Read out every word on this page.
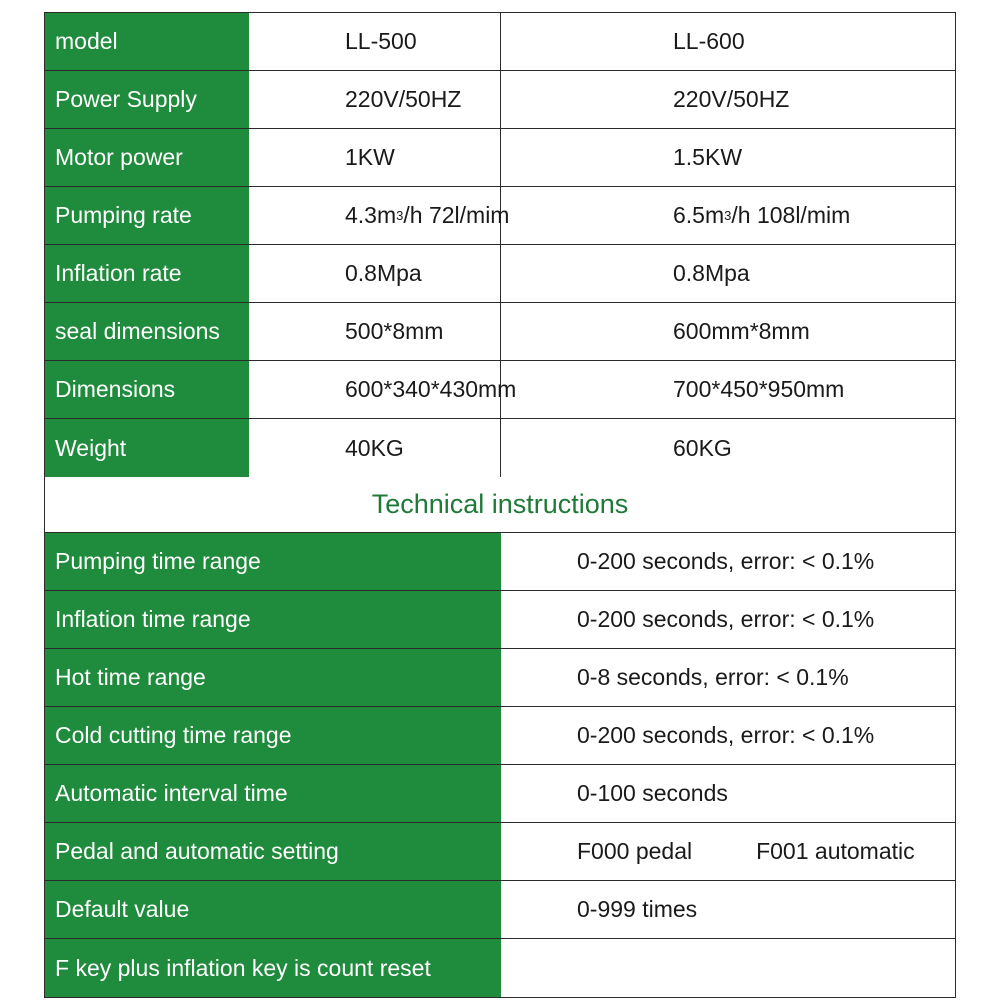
model	LL-500	LL-600
Power Supply	220V/50HZ	220V/50HZ
Motor power	1KW	1.5KW
Pumping rate	4.3m 3 /h 72l/mim	6.5m 3 /h 108l/mim
Inflation rate	0.8Mpa	0.8Mpa
seal dimensions	500*8mm	600mm*8mm
Dimensions	600*340*430mm	700*450*950mm
Weight	40KG	60KG
Technical instructions
Pumping time range	0-200 seconds, error: < 0.1%
Inflation time range	0-200 seconds, error: < 0.1%
Hot time range	0-8 seconds, error: < 0.1%
Cold cutting time range	0-200 seconds, error: < 0.1%
Automatic interval time	0-100 seconds
Pedal and automatic setting	F000 pedal	F001 automatic
Default value	0-999 times
F key plus inflation key is count reset
